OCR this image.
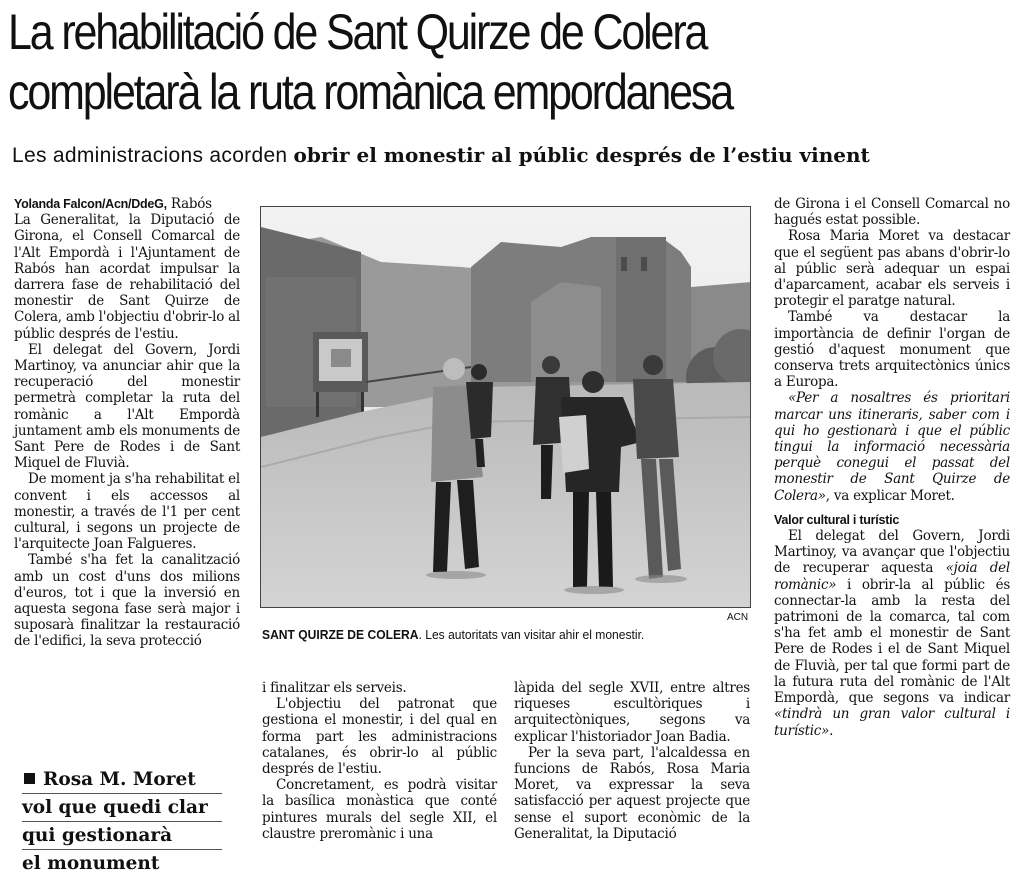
La rehabilitació de Sant Quirze de Colera
completarà la ruta romànica empordanesa
Les administracions acorden obrir el monestir al públic després de l’estiu vinent

Yolanda Falcon/Acn/DdeG, Rabós

La Generalitat, la Diputació de Girona, el Consell Comarcal de l'Alt Empordà i l'Ajuntament de Rabós han acordat impulsar la darrera fase de rehabilitació del monestir de Sant Quirze de Colera, amb l'objectiu d'obrir-lo al públic després de l'estiu.

El delegat del Govern, Jordi Martinoy, va anunciar ahir que la recuperació del monestir permetrà completar la ruta del romànic a l'Alt Empordà juntament amb els monuments de Sant Pere de Rodes i de Sant Miquel de Fluvià.

De moment ja s'ha rehabilitat el convent i els accessos al monestir, a través de l'1 per cent cultural, i segons un projecte de l'arquitecte Joan Falgueres.

També s'ha fet la canalització amb un cost d'uns dos milions d'euros, tot i que la inversió en aquesta segona fase serà major i suposarà finalitzar la restauració de l'edifici, la seva protecció

ACN
SANT QUIRZE DE COLERA. Les autoritats van visitar ahir el monestir.

i finalitzar els serveis.

L'objectiu del patronat que gestiona el monestir, i del qual en forma part les administracions catalanes, és obrir-lo al públic després de l'estiu.

Concretament, es podrà visitar la basílica monàstica que conté pintures murals del segle XII, el claustre preromànic i una

làpida del segle XVII, entre altres riqueses escultòriques i arquitectòniques, segons va explicar l'historiador Joan Badia.

Per la seva part, l'alcaldessa en funcions de Rabós, Rosa Maria Moret, va expressar la seva satisfacció per aquest projecte que sense el suport econòmic de la Generalitat, la Diputació

de Girona i el Consell Comarcal no hagués estat possible.

Rosa Maria Moret va destacar que el següent pas abans d'obrir-lo al públic serà adequar un espai d'aparcament, acabar els serveis i protegir el paratge natural.

També va destacar la importància de definir l'organ de gestió d'aquest monument que conserva trets arquitectònics únics a Europa.

«Per a nosaltres és prioritari marcar uns itineraris, saber com i qui ho gestionarà i que el públic tingui la informació necessària perquè conegui el passat del monestir de Sant Quirze de Colera», va explicar Moret.

Valor cultural i turístic

El delegat del Govern, Jordi Martinoy, va avançar que l'objectiu de recuperar aquesta «joia del romànic» i obrir-la al públic és connectar-la amb la resta del patrimoni de la comarca, tal com s'ha fet amb el monestir de Sant Pere de Rodes i el de Sant Miquel de Fluvià, per tal que formi part de la futura ruta del romànic de l'Alt Empordà, que segons va indicar «tindrà un gran valor cultural i turístic».

Rosa M. Moret
vol que quedi clar
qui gestionarà
el monument
